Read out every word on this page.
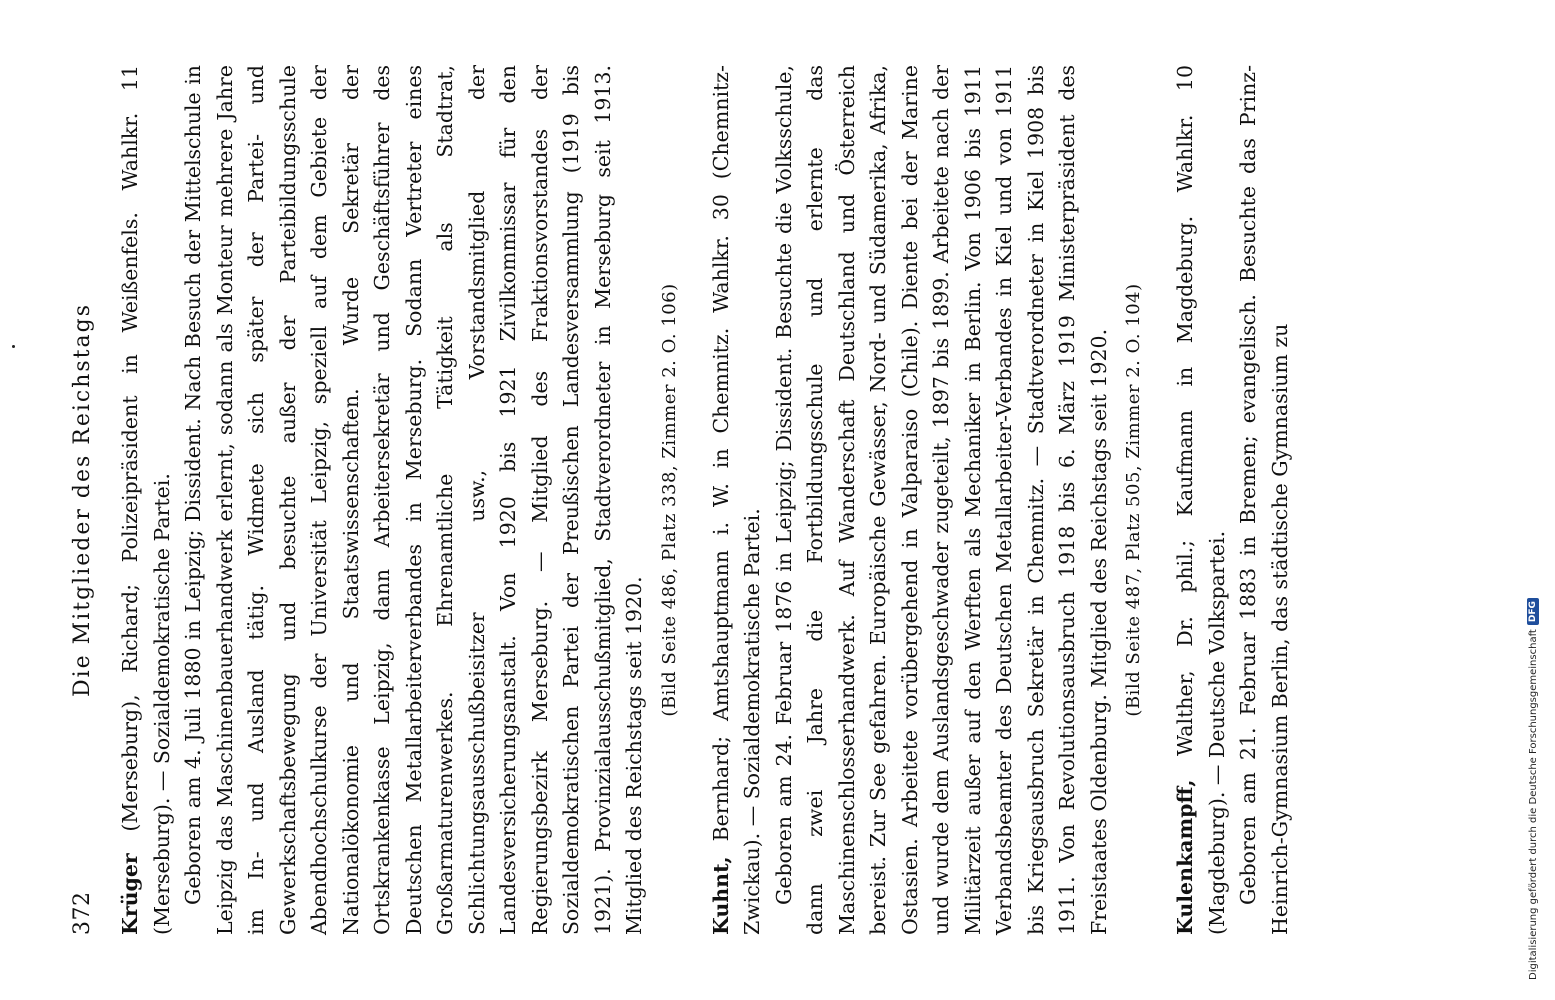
372
Die Mitglieder des Reichstags

Krüger (Merseburg), Richard; Polizeipräsident in Weißenfels. Wahlkr. 11 (Merseburg). — Sozialdemokratische Partei. Geboren am 4. Juli 1880 in Leipzig; Dissident. Nach Besuch der Mittelschule in Leipzig das Maschinenbauerhandwerk erlernt, sodann als Monteur mehrere Jahre im In- und Ausland tätig. Widmete sich später der Partei- und Gewerkschaftsbewegung und besuchte außer der Parteibildungsschule Abendhochschulkurse der Universität Leipzig, speziell auf dem Gebiete der Nationalökonomie und Staatswissenschaften. Wurde Sekretär der Ortskrankenkasse Leipzig, dann Arbeitersekretär und Geschäftsführer des Deutschen Metallarbeiterverbandes in Merseburg. Sodann Vertreter eines Großarmaturenwerkes. Ehrenamtliche Tätigkeit als Stadtrat, Schlichtungsausschußbeisitzer usw., Vorstandsmitglied der Landesversicherungsanstalt. Von 1920 bis 1921 Zivilkommissar für den Regierungsbezirk Merseburg. — Mitglied des Fraktionsvorstandes der Sozialdemokratischen Partei der Preußischen Landesversammlung (1919 bis 1921). Provinzialausschußmitglied, Stadtverordneter in Merseburg seit 1913. Mitglied des Reichstags seit 1920.

(Bild Seite 486, Platz 338, Zimmer 2. O. 106)

Kuhnt, Bernhard; Amtshauptmann i. W. in Chemnitz. Wahlkr. 30 (Chemnitz-Zwickau). — Sozialdemokratische Partei. Geboren am 24. Februar 1876 in Leipzig; Dissident. Besuchte die Volksschule, dann zwei Jahre die Fortbildungsschule und erlernte das Maschinenschlosserhandwerk. Auf Wanderschaft Deutschland und Österreich bereist. Zur See gefahren. Europäische Gewässer, Nord- und Südamerika, Afrika, Ostasien. Arbeitete vorübergehend in Valparaiso (Chile). Diente bei der Marine und wurde dem Auslandsgeschwader zugeteilt, 1897 bis 1899. Arbeitete nach der Militärzeit außer auf den Werften als Mechaniker in Berlin. Von 1906 bis 1911 Verbandsbeamter des Deutschen Metallarbeiter-Verbandes in Kiel und von 1911 bis Kriegsausbruch Sekretär in Chemnitz. — Stadtverordneter in Kiel 1908 bis 1911. Von Revolutionsausbruch 1918 bis 6. März 1919 Ministerpräsident des Freistaates Oldenburg. Mitglied des Reichstags seit 1920. (Bild Seite 487, Platz 505, Zimmer 2. O. 104)

Kulenkampff, Walther, Dr. phil.; Kaufmann in Magdeburg. Wahlkr. 10 (Magdeburg). — Deutsche Volkspartei. Geboren am 21. Februar 1883 in Bremen; evangelisch. Besuchte das Prinz-Heinrich-Gymnasium Berlin, das städtische Gymnasium zu	Digitalisierung gefördert durch die Deutsche Forschungsgemeinschaft
DFG
